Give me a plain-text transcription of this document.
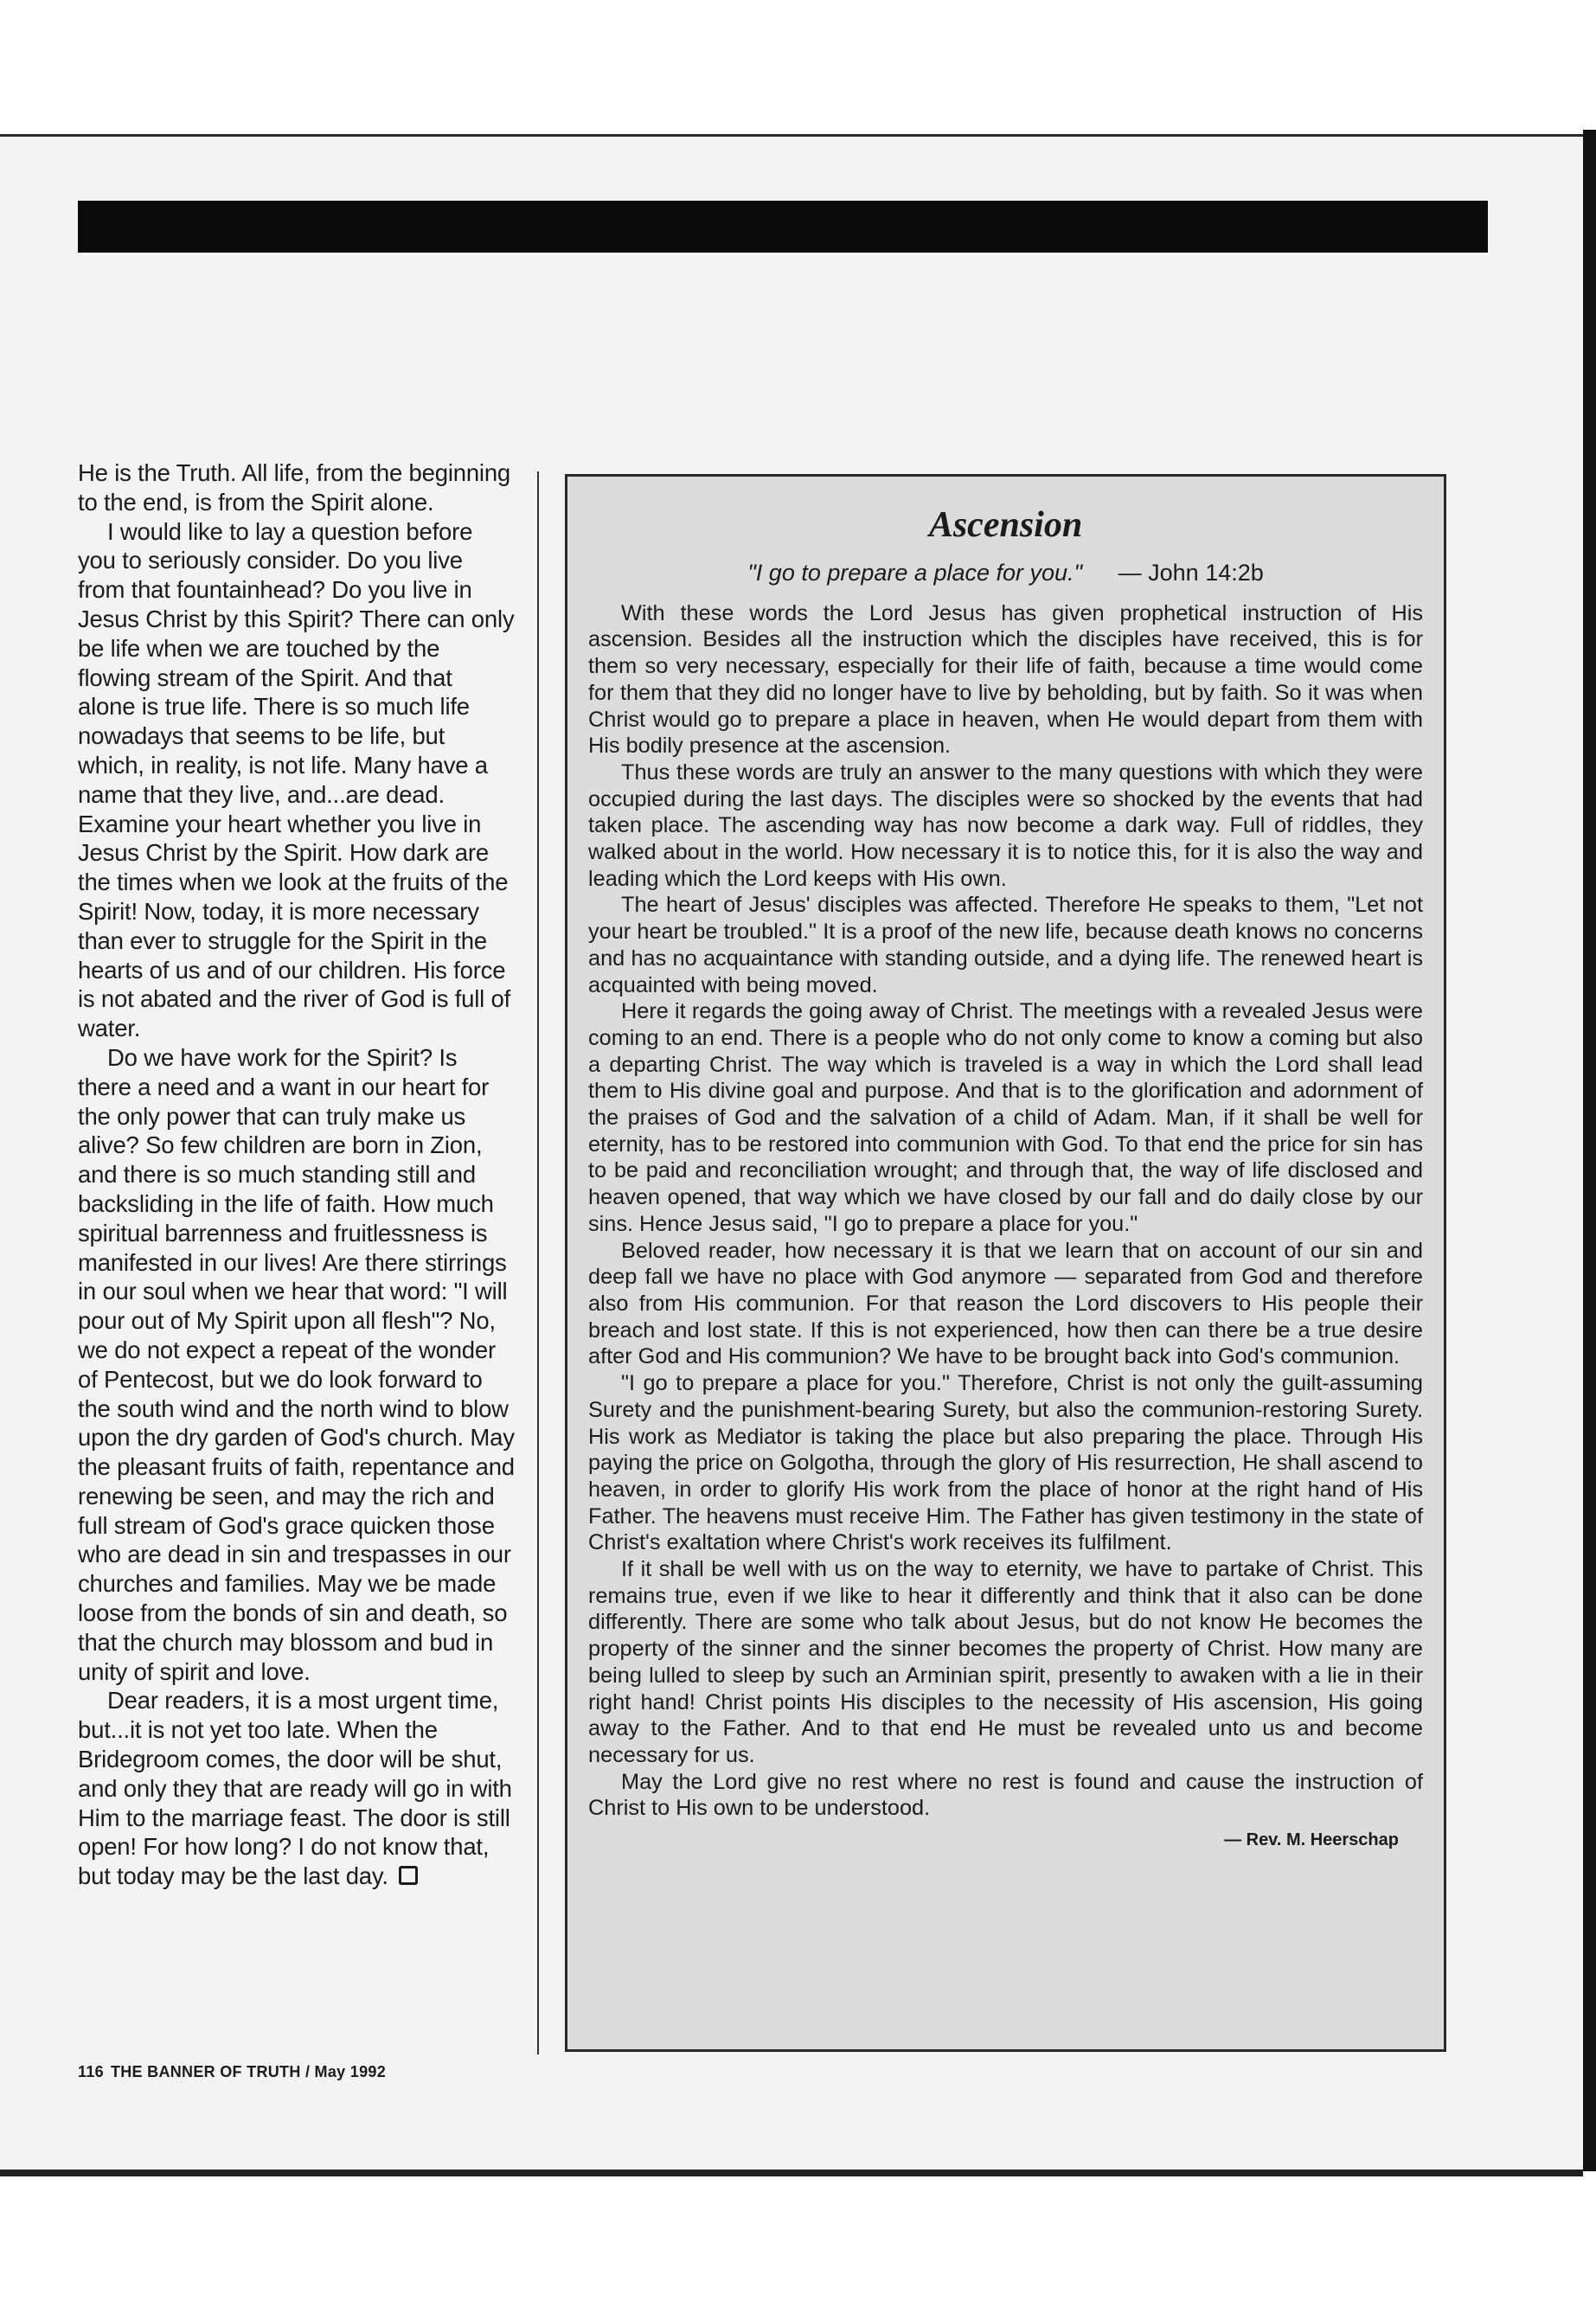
He is the Truth. All life, from the beginning to the end, is from the Spirit alone.

I would like to lay a question before you to seriously consider. Do you live from that fountainhead? Do you live in Jesus Christ by this Spirit? There can only be life when we are touched by the flowing stream of the Spirit. And that alone is true life. There is so much life nowadays that seems to be life, but which, in reality, is not life. Many have a name that they live, and...are dead. Examine your heart whether you live in Jesus Christ by the Spirit. How dark are the times when we look at the fruits of the Spirit! Now, today, it is more necessary than ever to struggle for the Spirit in the hearts of us and of our children. His force is not abated and the river of God is full of water.

Do we have work for the Spirit? Is there a need and a want in our heart for the only power that can truly make us alive? So few children are born in Zion, and there is so much standing still and backsliding in the life of faith. How much spiritual barrenness and fruitlessness is manifested in our lives! Are there stirrings in our soul when we hear that word: "I will pour out of My Spirit upon all flesh"? No, we do not expect a repeat of the wonder of Pentecost, but we do look forward to the south wind and the north wind to blow upon the dry garden of God's church. May the pleasant fruits of faith, repentance and renewing be seen, and may the rich and full stream of God's grace quicken those who are dead in sin and trespasses in our churches and families. May we be made loose from the bonds of sin and death, so that the church may blossom and bud in unity of spirit and love.

Dear readers, it is a most urgent time, but...it is not yet too late. When the Bridegroom comes, the door will be shut, and only they that are ready will go in with Him to the marriage feast. The door is still open! For how long? I do not know that, but today may be the last day.

Ascension
"I go to prepare a place for you." — John 14:2b

With these words the Lord Jesus has given prophetical instruction of His ascension. Besides all the instruction which the disciples have received, this is for them so very necessary, especially for their life of faith, because a time would come for them that they did no longer have to live by beholding, but by faith. So it was when Christ would go to prepare a place in heaven, when He would depart from them with His bodily presence at the ascension.

Thus these words are truly an answer to the many questions with which they were occupied during the last days. The disciples were so shocked by the events that had taken place. The ascending way has now become a dark way. Full of riddles, they walked about in the world. How necessary it is to notice this, for it is also the way and leading which the Lord keeps with His own.

The heart of Jesus' disciples was affected. Therefore He speaks to them, "Let not your heart be troubled." It is a proof of the new life, because death knows no concerns and has no acquaintance with standing outside, and a dying life. The renewed heart is acquainted with being moved.

Here it regards the going away of Christ. The meetings with a revealed Jesus were coming to an end. There is a people who do not only come to know a coming but also a departing Christ. The way which is traveled is a way in which the Lord shall lead them to His divine goal and purpose. And that is to the glorification and adornment of the praises of God and the salvation of a child of Adam. Man, if it shall be well for eternity, has to be restored into communion with God. To that end the price for sin has to be paid and reconciliation wrought; and through that, the way of life disclosed and heaven opened, that way which we have closed by our fall and do daily close by our sins. Hence Jesus said, "I go to prepare a place for you."

Beloved reader, how necessary it is that we learn that on account of our sin and deep fall we have no place with God anymore — separated from God and therefore also from His communion. For that reason the Lord discovers to His people their breach and lost state. If this is not experienced, how then can there be a true desire after God and His communion? We have to be brought back into God's communion.

"I go to prepare a place for you." Therefore, Christ is not only the guilt-assuming Surety and the punishment-bearing Surety, but also the communion-restoring Surety. His work as Mediator is taking the place but also preparing the place. Through His paying the price on Golgotha, through the glory of His resurrection, He shall ascend to heaven, in order to glorify His work from the place of honor at the right hand of His Father. The heavens must receive Him. The Father has given testimony in the state of Christ's exaltation where Christ's work receives its fulfilment.

If it shall be well with us on the way to eternity, we have to partake of Christ. This remains true, even if we like to hear it differently and think that it also can be done differently. There are some who talk about Jesus, but do not know He becomes the property of the sinner and the sinner becomes the property of Christ. How many are being lulled to sleep by such an Arminian spirit, presently to awaken with a lie in their right hand! Christ points His disciples to the necessity of His ascension, His going away to the Father. And to that end He must be revealed unto us and become necessary for us.

May the Lord give no rest where no rest is found and cause the instruction of Christ to His own to be understood.

— Rev. M. Heerschap
116 THE BANNER OF TRUTH / May 1992
